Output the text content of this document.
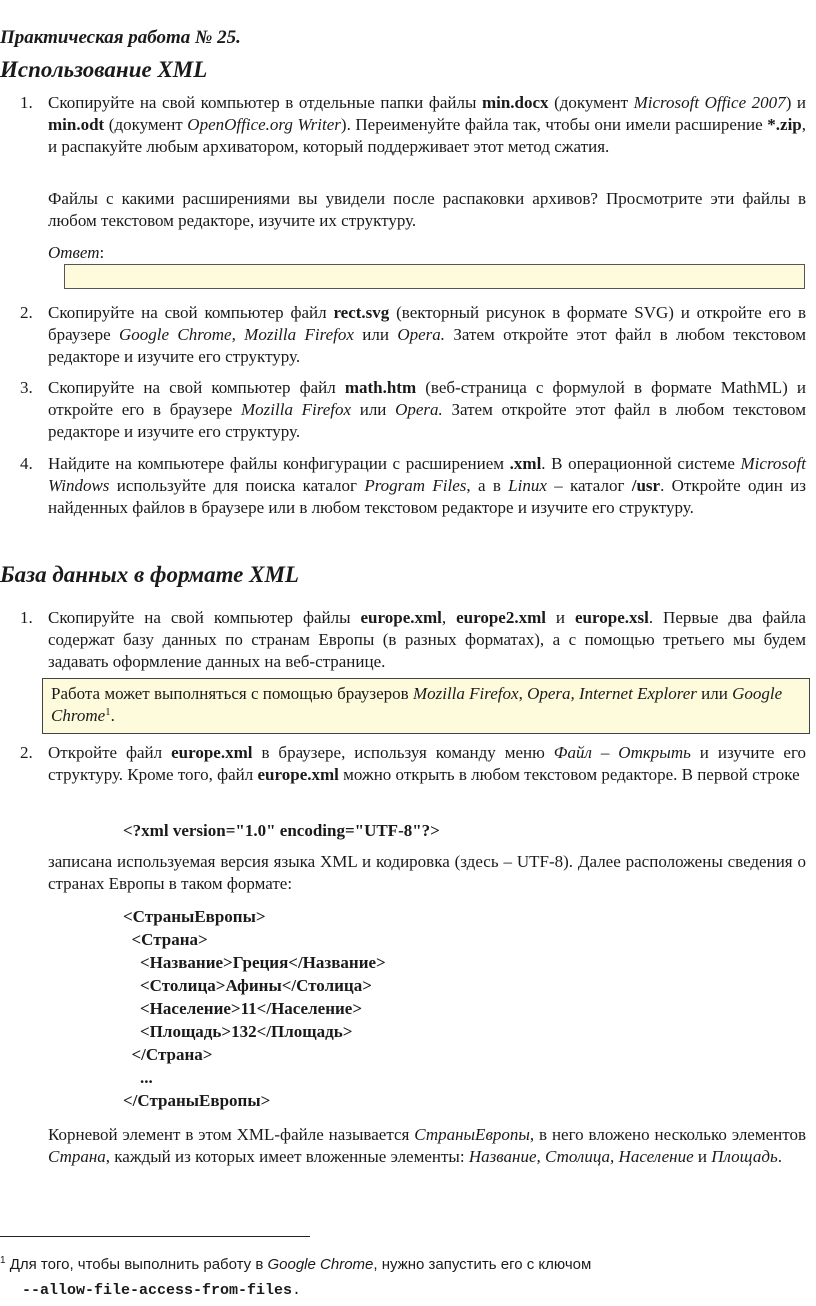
Практическая работа № 25.
Использование XML
1. Скопируйте на свой компьютер в отдельные папки файлы min.docx (документ Microsoft Office 2007) и min.odt (документ OpenOffice.org Writer). Переименуйте файла так, чтобы они имели расширение *.zip, и распакуйте любым архиватором, который поддерживает этот метод сжатия.
Файлы с какими расширениями вы увидели после распаковки архивов? Просмотрите эти файлы в любом текстовом редакторе, изучите их структуру.
Ответ:
2. Скопируйте на свой компьютер файл rect.svg (векторный рисунок в формате SVG) и откройте его в браузере Google Chrome, Mozilla Firefox или Opera. Затем откройте этот файл в любом текстовом редакторе и изучите его структуру.
3. Скопируйте на свой компьютер файл math.htm (веб-страница с формулой в формате MathML) и откройте его в браузере Mozilla Firefox или Opera. Затем откройте этот файл в любом текстовом редакторе и изучите его структуру.
4. Найдите на компьютере файлы конфигурации с расширением .xml. В операционной системе Microsoft Windows используйте для поиска каталог Program Files, а в Linux – каталог /usr. Откройте один из найденных файлов в браузере или в любом текстовом редакторе и изучите его структуру.
База данных в формате XML
1. Скопируйте на свой компьютер файлы europe.xml, europe2.xml и europe.xsl. Первые два файла содержат базу данных по странам Европы (в разных форматах), а с помощью третьего мы будем задавать оформление данных на веб-странице.
Работа может выполняться с помощью браузеров Mozilla Firefox, Opera, Internet Explorer или Google Chrome$^1$.
2. Откройте файл europe.xml в браузере, используя команду меню Файл – Открыть и изучите его структуру. Кроме того, файл europe.xml можно открыть в любом текстовом редакторе. В первой строке
<?xml version="1.0" encoding="UTF-8"?>
записана используемая версия языка XML и кодировка (здесь – UTF-8). Далее расположены сведения о странах Европы в таком формате:
<СтраныЕвропы>
<Страна>
<Название>Греция</Название>
<Столица>Афины</Столица>
<Население>11</Население>
<Площадь>132</Площадь>
</Страна>
...
</СтраныЕвропы>
Корневой элемент в этом XML-файле называется СтраныЕвропы, в него вложено несколько элементов Страна, каждый из которых имеет вложенные элементы: Название, Столица, Население и Площадь.
$^1$ Для того, чтобы выполнить работу в Google Chrome, нужно запустить его с ключом
--allow-file-access-from-files.
